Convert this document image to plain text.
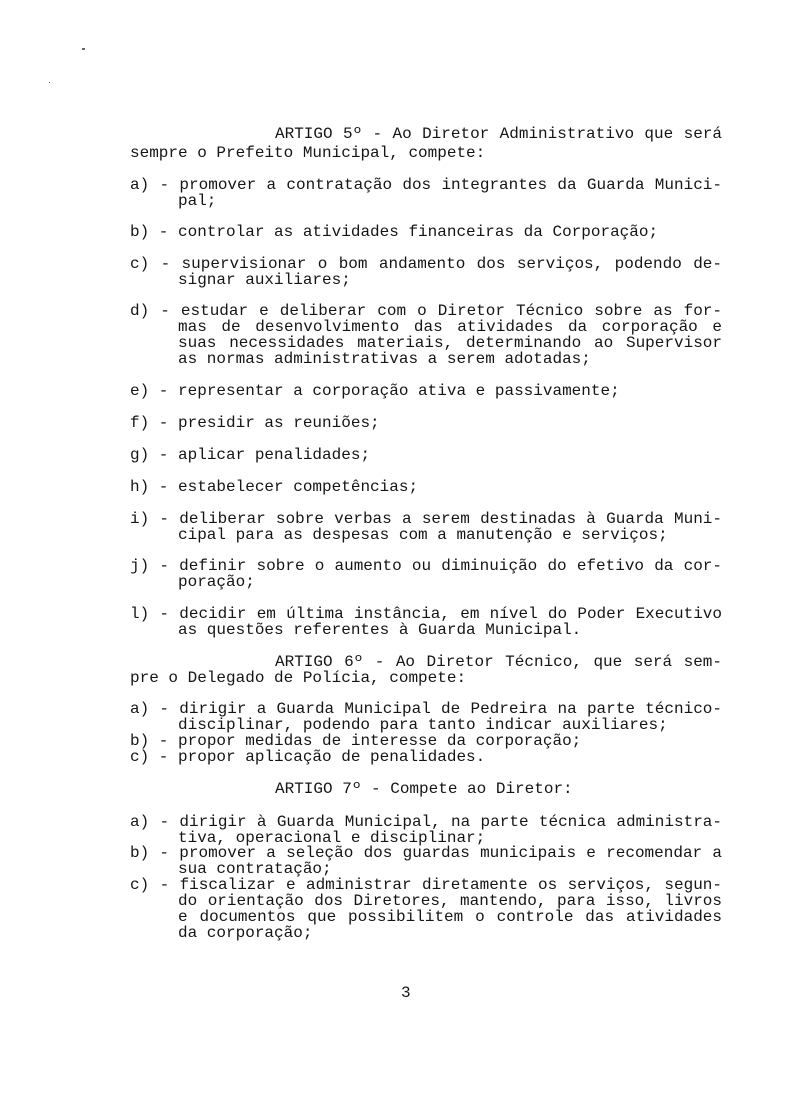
ARTIGO 5º - Ao Diretor Administrativo que será
sempre o Prefeito Municipal, compete:
a) - promover a contratação dos integrantes da Guarda Munici-
pal;
b) - controlar as atividades financeiras da Corporação;
c) - supervisionar o bom andamento dos serviços, podendo de-
signar auxiliares;
d) - estudar e deliberar com o Diretor Técnico sobre as for-
mas de desenvolvimento das atividades da corporação e
suas necessidades materiais, determinando ao Supervisor
as normas administrativas a serem adotadas;
e) - representar a corporação ativa e passivamente;
f) - presidir as reuniões;
g) - aplicar penalidades;
h) - estabelecer competências;
i) - deliberar sobre verbas a serem destinadas à Guarda Muni-
cipal para as despesas com a manutenção e serviços;
j) - definir sobre o aumento ou diminuição do efetivo da cor-
poração;
l) - decidir em última instância, em nível do Poder Executivo
as questões referentes à Guarda Municipal.
ARTIGO 6º - Ao Diretor Técnico, que será sem-
pre o Delegado de Polícia, compete:
a) - dirigir a Guarda Municipal de Pedreira na parte técnico-
disciplinar, podendo para tanto indicar auxiliares;
b) - propor medidas de interesse da corporação;
c) - propor aplicação de penalidades.
ARTIGO 7º - Compete ao Diretor:
a) - dirigir à Guarda Municipal, na parte técnica administra-
tiva, operacional e disciplinar;
b) - promover a seleção dos guardas municipais e recomendar a
sua contratação;
c) - fiscalizar e administrar diretamente os serviços, segun-
do orientação dos Diretores, mantendo, para isso, livros
e documentos que possibilitem o controle das atividades
da corporação;
3
